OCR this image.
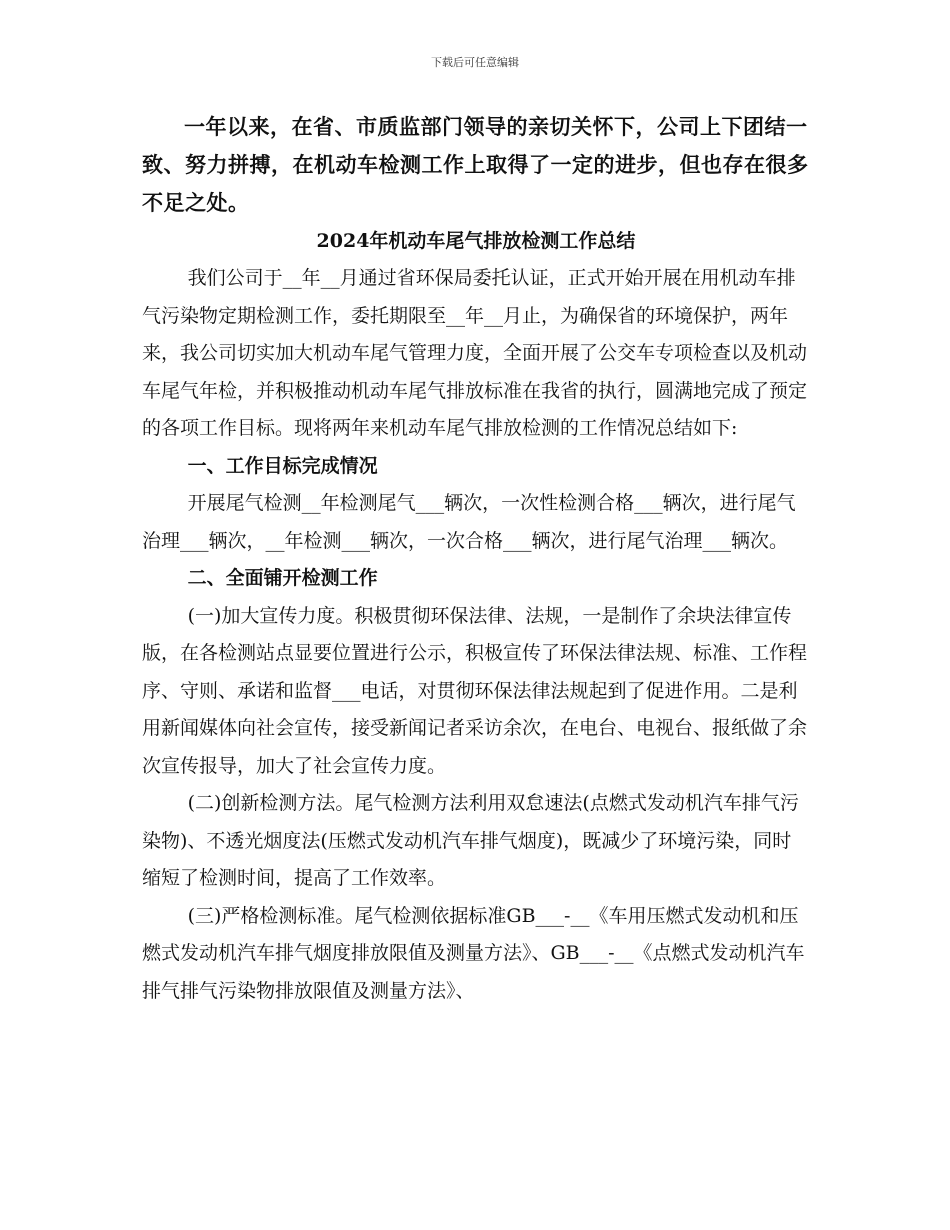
下载后可任意编辑

一年以来，在省、市质监部门领导的亲切关怀下，公司上下团结一致、努力拼搏，在机动车检测工作上取得了一定的进步，但也存在很多不足之处。

2024年机动车尾气排放检测工作总结

我们公司于__年__月通过省环保局委托认证，正式开始开展在用机动车排气污染物定期检测工作，委托期限至__年__月止，为确保省的环境保护，两年来，我公司切实加大机动车尾气管理力度，全面开展了公交车专项检查以及机动车尾气年检，并积极推动机动车尾气排放标准在我省的执行，圆满地完成了预定的各项工作目标。现将两年来机动车尾气排放检测的工作情况总结如下:

一、工作目标完成情况

开展尾气检测__年检测尾气___辆次，一次性检测合格___辆次，进行尾气治理___辆次，__年检测___辆次，一次合格___辆次，进行尾气治理___辆次。

二、全面铺开检测工作

(一)加大宣传力度。积极贯彻环保法律、法规，一是制作了余块法律宣传版，在各检测站点显要位置进行公示，积极宣传了环保法律法规、标准、工作程序、守则、承诺和监督___电话，对贯彻环保法律法规起到了促进作用。二是利用新闻媒体向社会宣传，接受新闻记者采访余次，在电台、电视台、报纸做了余次宣传报导，加大了社会宣传力度。

(二)创新检测方法。尾气检测方法利用双怠速法(点燃式发动机汽车排气污染物)、不透光烟度法(压燃式发动机汽车排气烟度)，既减少了环境污染，同时缩短了检测时间，提高了工作效率。

(三)严格检测标准。尾气检测依据标准GB___-__《车用压燃式发动机和压燃式发动机汽车排气烟度排放限值及测量方法》、GB___-__《点燃式发动机汽车排气排气污染物排放限值及测量方法》、
